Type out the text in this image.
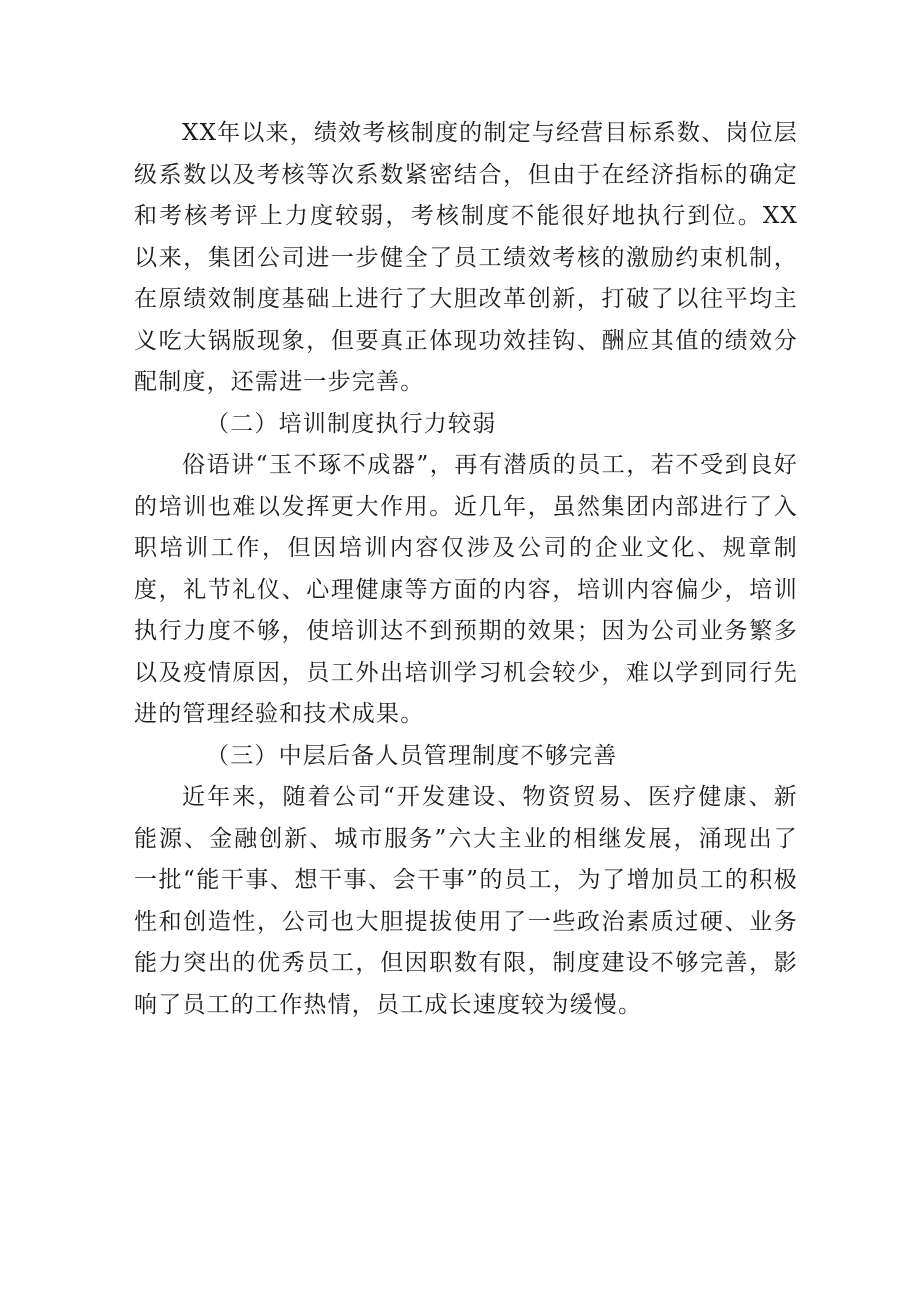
XX年以来，绩效考核制度的制定与经营目标系数、岗位层级系数以及考核等次系数紧密结合，但由于在经济指标的确定和考核考评上力度较弱，考核制度不能很好地执行到位。XX以来，集团公司进一步健全了员工绩效考核的激励约束机制，在原绩效制度基础上进行了大胆改革创新，打破了以往平均主义吃大锅版现象，但要真正体现功效挂钩、酬应其值的绩效分配制度，还需进一步完善。

（二）培训制度执行力较弱

俗语讲“玉不琢不成器”，再有潜质的员工，若不受到良好的培训也难以发挥更大作用。近几年，虽然集团内部进行了入职培训工作，但因培训内容仅涉及公司的企业文化、规章制度，礼节礼仪、心理健康等方面的内容，培训内容偏少，培训执行力度不够，使培训达不到预期的效果；因为公司业务繁多以及疫情原因，员工外出培训学习机会较少，难以学到同行先进的管理经验和技术成果。

（三）中层后备人员管理制度不够完善

近年来，随着公司“开发建设、物资贸易、医疗健康、新能源、金融创新、城市服务”六大主业的相继发展，涌现出了一批“能干事、想干事、会干事”的员工，为了增加员工的积极性和创造性，公司也大胆提拔使用了一些政治素质过硬、业务能力突出的优秀员工，但因职数有限，制度建设不够完善，影响了员工的工作热情，员工成长速度较为缓慢。
